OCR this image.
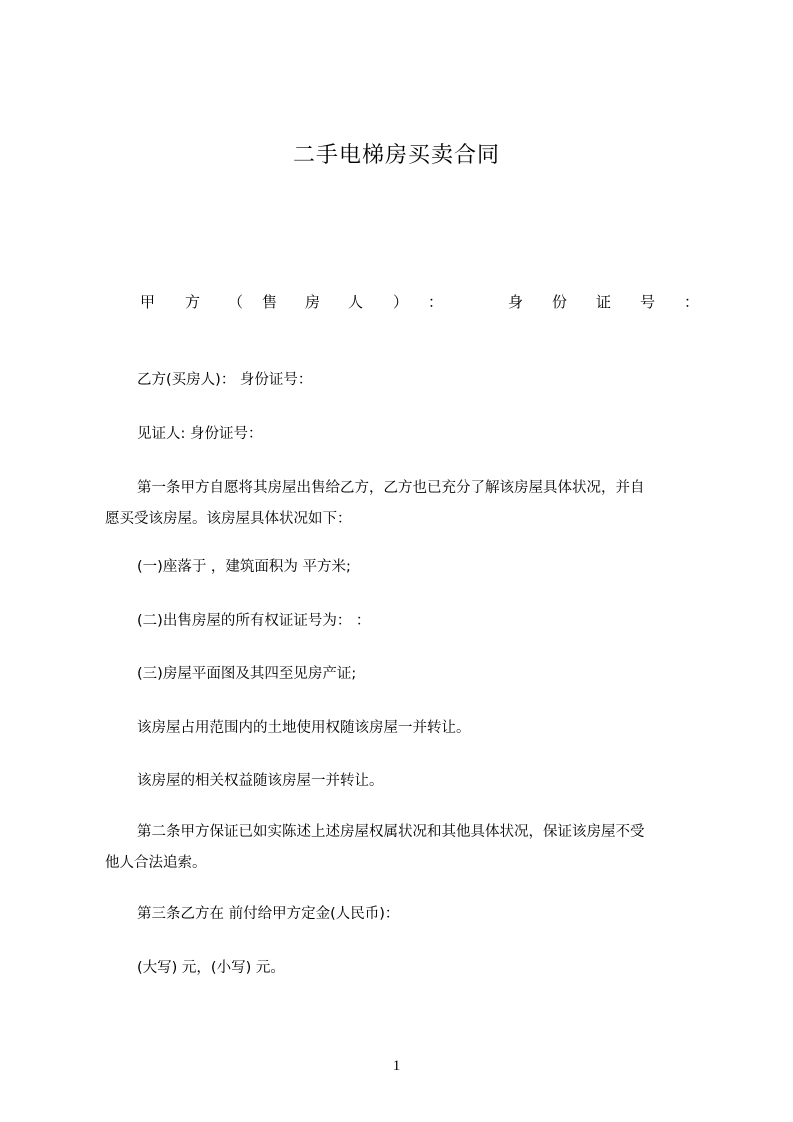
二手电梯房买卖合同
甲 方 （ 售 房 人 ） ：	身 份 证 号 ：
乙方(买房人)： 身份证号：
见证人: 身份证号：
第一条甲方自愿将其房屋出售给乙方，乙方也已充分了解该房屋具体状况，并自
愿买受该房屋。该房屋具体状况如下：
(一)座落于 ，建筑面积为 平方米;
(二)出售房屋的所有权证证号为： ：
(三)房屋平面图及其四至见房产证;
该房屋占用范围内的土地使用权随该房屋一并转让。
该房屋的相关权益随该房屋一并转让。
第二条甲方保证已如实陈述上述房屋权属状况和其他具体状况，保证该房屋不受
他人合法追索。
第三条乙方在 前付给甲方定金(人民币)：
(大写) 元，(小写) 元。
1
